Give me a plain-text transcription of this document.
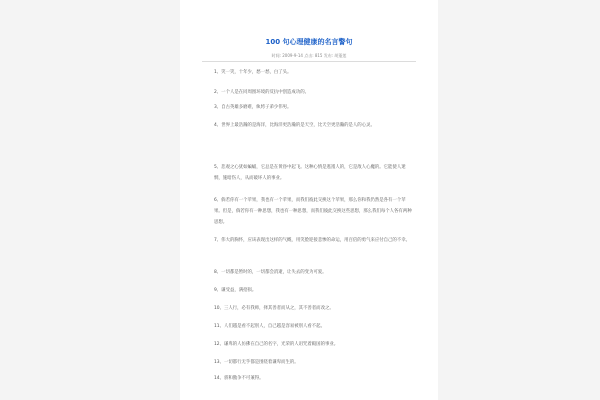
100 句心理健康的名言警句
时间: 2009-9-14 点击: 815 发布: 胡蓬莲
1、笑一笑，十年少，愁一愁，白了头。
2、一个人是在同周围环境的反抗中创造成功的。
3、自古英雄多磨难，纨绔子弟少伟男。
4、世界上最浩瀚的是海洋，比海洋更浩瀚的是天空，比天空更浩瀚的是人的心灵。
5、悲观之心犹如蝙蝠，它总是在黄昏中起飞。这种心情是逃遁人的，它是敌人心魔的。它能使人迷惘，施暗伤人，从而破坏人的事业。
6、倘若你有一个苹果，我也有一个苹果，而我们彼此交换这个苹果，那么你和我仍然是各有一个苹果。但是，倘若你有一种思想，我也有一种思想，而我们彼此交换这些思想，那么我们每个人各有两种思想。
7、伟大的胸怀，应该表现出这样的气概，用笑脸迎接悲惨的命运，用百倍的勇气来应付自己的不幸。
8、一切都是暂时的，一切都会消逝，让失去的变为可爱。
9、谦受益，满招损。
10、三人行，必有我师，择其善者而从之，其不善者而改之。
11、人们越是看不起别人，自己越是容易被别人看不起。
12、谦卑的人仿佛在自己的名字，光荣的人诅咒着殿国的事业。
13、一切都行无乎都是围绕着谦卑而生的。
14、骄和傲争不可兼得。
